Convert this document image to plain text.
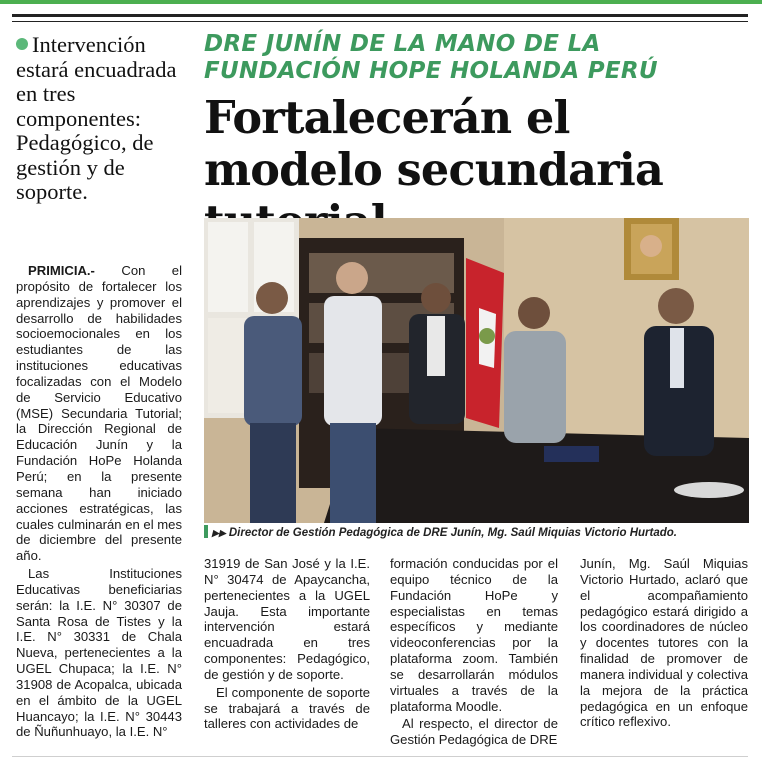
Intervención estará encuadrada en tres componentes: Pedagógico, de gestión y de soporte.
DRE JUNÍN DE LA MANO DE LA FUNDACIÓN HOPE HOLANDA PERÚ
Fortalecerán el modelo secundaria
▶▶ Director de Gestión Pedagógica de DRE Junín, Mg. Saúl Miquias Victorio Hurtado.

PRIMICIA.- Con el propósito de fortalecer los aprendizajes y promover el desarrollo de habilidades socioemocionales en los estudiantes de las instituciones educativas focalizadas con el Modelo de Servicio Educativo (MSE) Secundaria Tutorial; la Dirección Regional de Educación Junín y la Fundación HoPe Holanda Perú; en la presente semana han iniciado acciones estratégicas, las cuales culminarán en el mes de diciembre del presente año.

Las Instituciones Educativas beneficiarias serán: la I.E. N° 30307 de Santa Rosa de Tistes y la I.E. N° 30331 de Chala Nueva, pertenecientes a la UGEL Chupaca; la I.E. N° 31908 de Acopalca, ubicada en el ámbito de la UGEL Huancayo; la I.E. N° 30443 de Ñuñunhuayo, la I.E. N°

31919 de San José y la I.E. N° 30474 de Apaycancha, pertenecientes a la UGEL Jauja. Esta importante intervención estará encuadrada en tres componentes: Pedagógico, de gestión y de soporte.

El componente de soporte se trabajará a través de talleres con actividades de

formación conducidas por el equipo técnico de la Fundación HoPe y especialistas en temas específicos y mediante videoconferencias por la plataforma zoom. También se desarrollarán módulos virtuales a través de la plataforma Moodle.

Al respecto, el director de Gestión Pedagógica de DRE

Junín, Mg. Saúl Miquias Victorio Hurtado, aclaró que el acompañamiento pedagógico estará dirigido a los coordinadores de núcleo y docentes tutores con la finalidad de promover de manera individual y colectiva la mejora de la práctica pedagógica en un enfoque crítico reflexivo.
